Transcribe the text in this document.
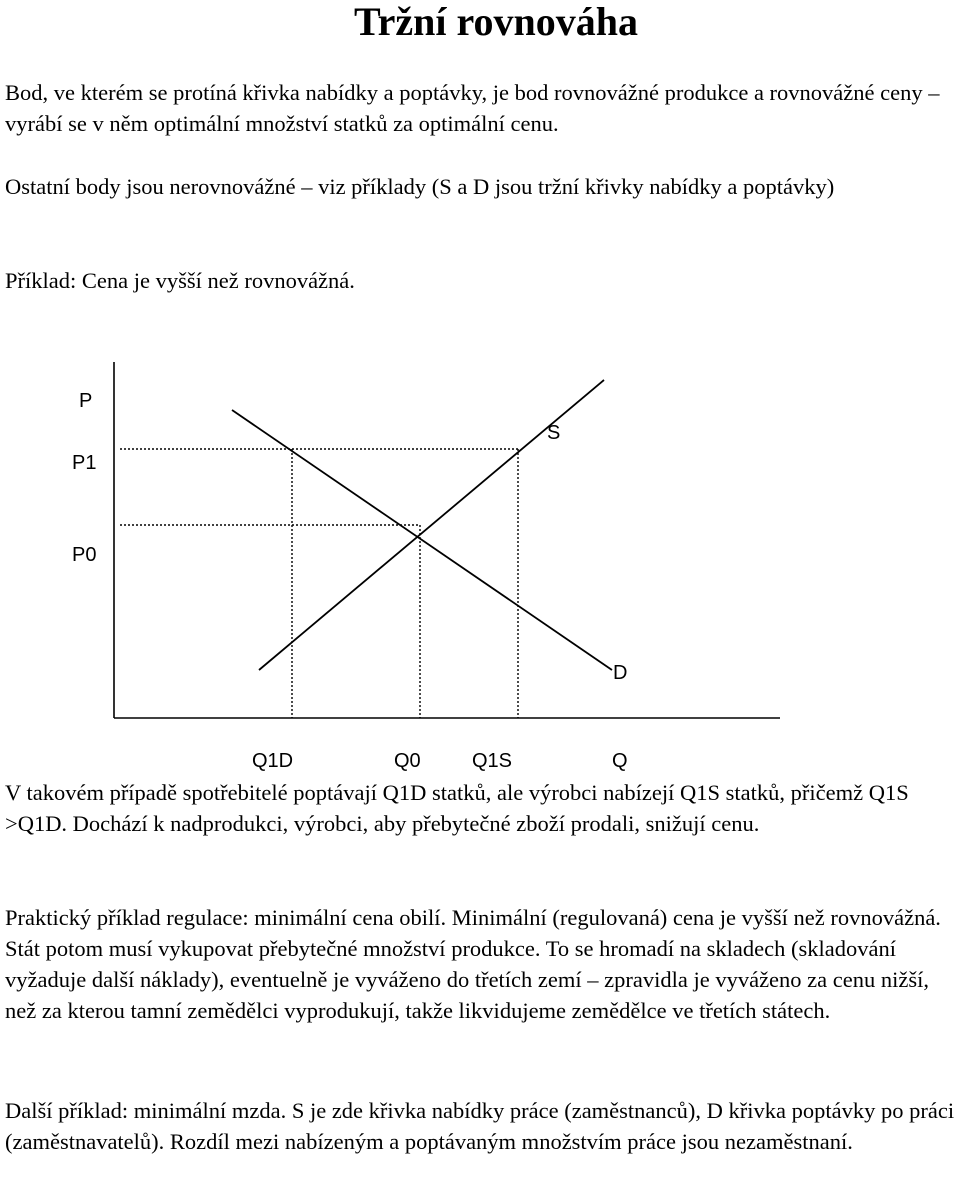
Tržní rovnováha

Bod, ve kterém se protíná křivka nabídky a poptávky, je bod rovnovážné produkce a rovnovážné ceny – vyrábí se v něm optimální množství statků za optimální cenu.

Ostatní body jsou nerovnovážné – viz příklady (S a D jsou tržní křivky nabídky a poptávky)

Příklad: Cena je vyšší než rovnovážná.

P
P1
P0
S
D
Q1D	Q0	Q1S	Q

V takovém případě spotřebitelé poptávají Q1D statků, ale výrobci nabízejí Q1S statků, přičemž Q1S >Q1D. Dochází k nadprodukci, výrobci, aby přebytečné zboží prodali, snižují cenu.

Praktický příklad regulace: minimální cena obilí. Minimální (regulovaná) cena je vyšší než rovnovážná. Stát potom musí vykupovat přebytečné množství produkce. To se hromadí na skladech (skladování vyžaduje další náklady), eventuelně je vyváženo do třetích zemí – zpravidla je vyváženo za cenu nižší, než za kterou tamní zemědělci vyprodukují, takže likvidujeme zemědělce ve třetích státech.

Další příklad: minimální mzda. S je zde křivka nabídky práce (zaměstnanců), D křivka poptávky po práci (zaměstnavatelů). Rozdíl mezi nabízeným a poptávaným množstvím práce jsou nezaměstnaní.
